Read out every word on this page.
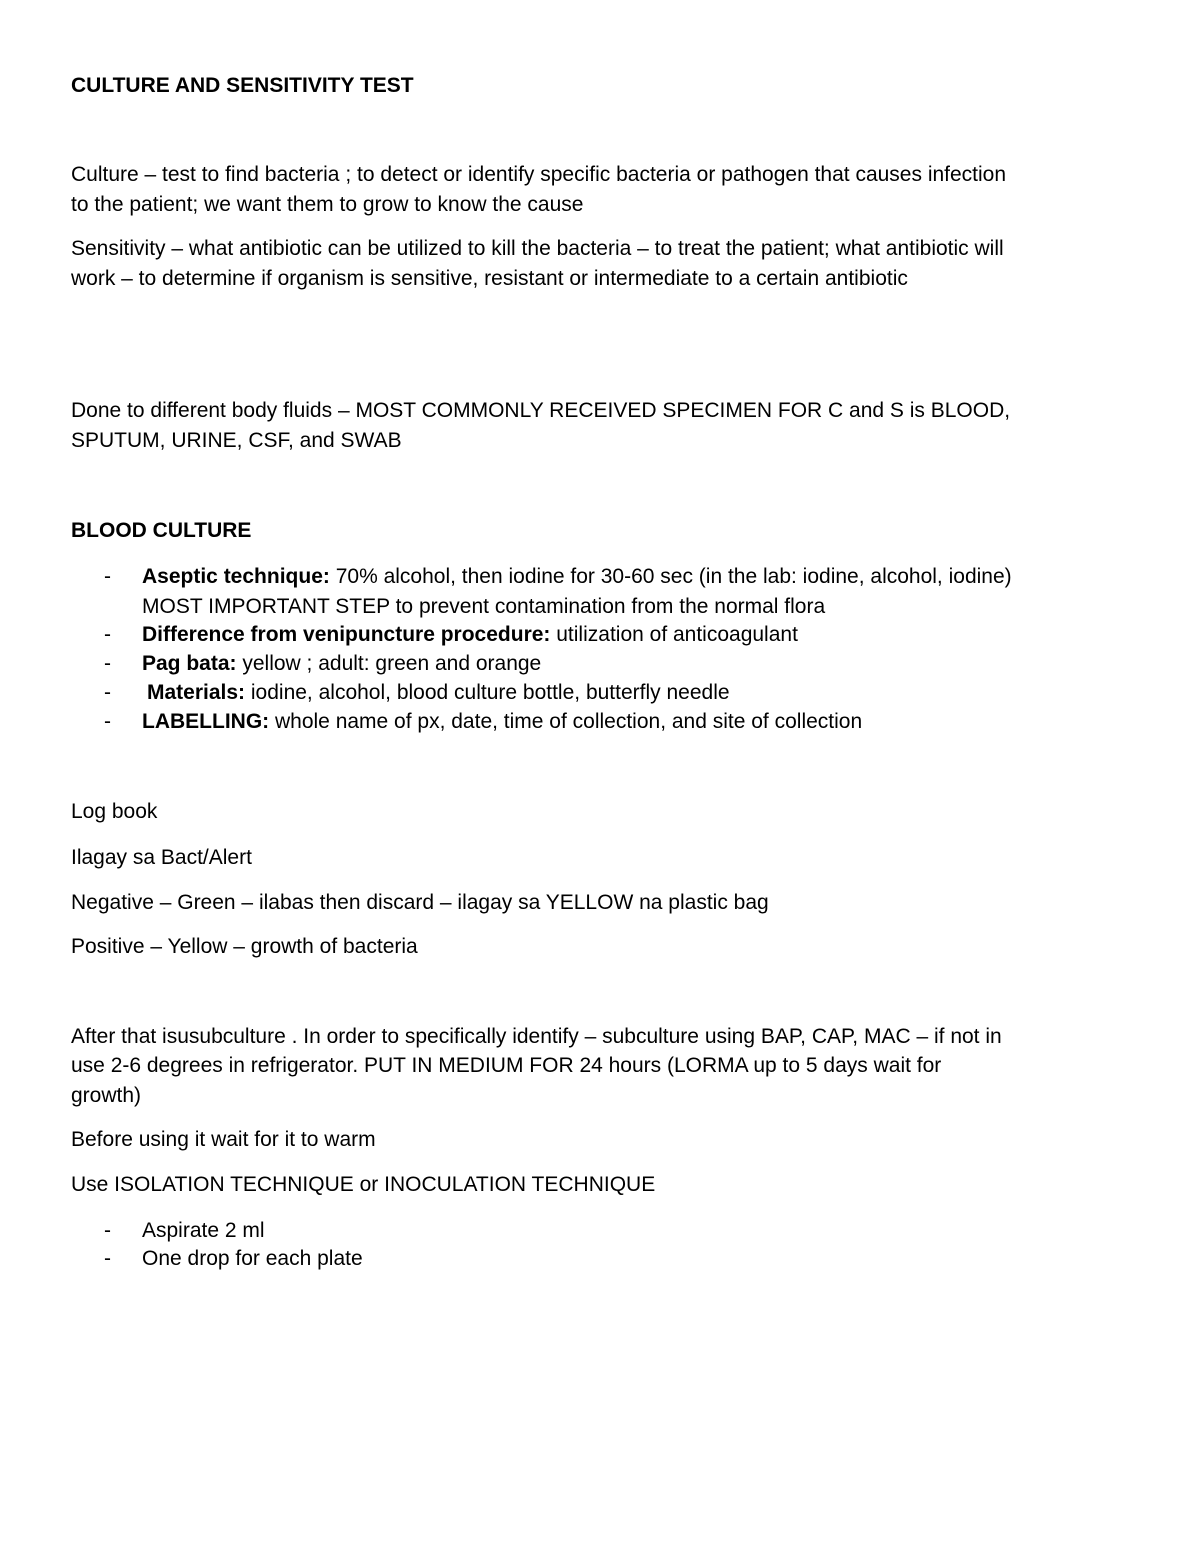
CULTURE AND SENSITIVITY TEST
Culture – test to find bacteria ; to detect or identify specific bacteria or pathogen that causes infection
to the patient; we want them to grow to know the cause
Sensitivity – what antibiotic can be utilized to kill the bacteria – to treat the patient; what antibiotic will
work – to determine if organism is sensitive, resistant or intermediate to a certain antibiotic
Done to different body fluids – MOST COMMONLY RECEIVED SPECIMEN FOR C and S is BLOOD,
SPUTUM, URINE, CSF, and SWAB
BLOOD CULTURE
- Aseptic technique: 70% alcohol, then iodine for 30-60 sec (in the lab: iodine, alcohol, iodine)
MOST IMPORTANT STEP to prevent contamination from the normal flora
- Difference from venipuncture procedure: utilization of anticoagulant
- Pag bata: yellow ; adult: green and orange
- Materials: iodine, alcohol, blood culture bottle, butterfly needle
- LABELLING: whole name of px, date, time of collection, and site of collection
Log book
Ilagay sa Bact/Alert
Negative – Green – ilabas then discard – ilagay sa YELLOW na plastic bag
Positive – Yellow – growth of bacteria
After that isusubculture . In order to specifically identify – subculture using BAP, CAP, MAC – if not in
use 2-6 degrees in refrigerator. PUT IN MEDIUM FOR 24 hours (LORMA up to 5 days wait for
growth)
Before using it wait for it to warm
Use ISOLATION TECHNIQUE or INOCULATION TECHNIQUE
- Aspirate 2 ml
- One drop for each plate
